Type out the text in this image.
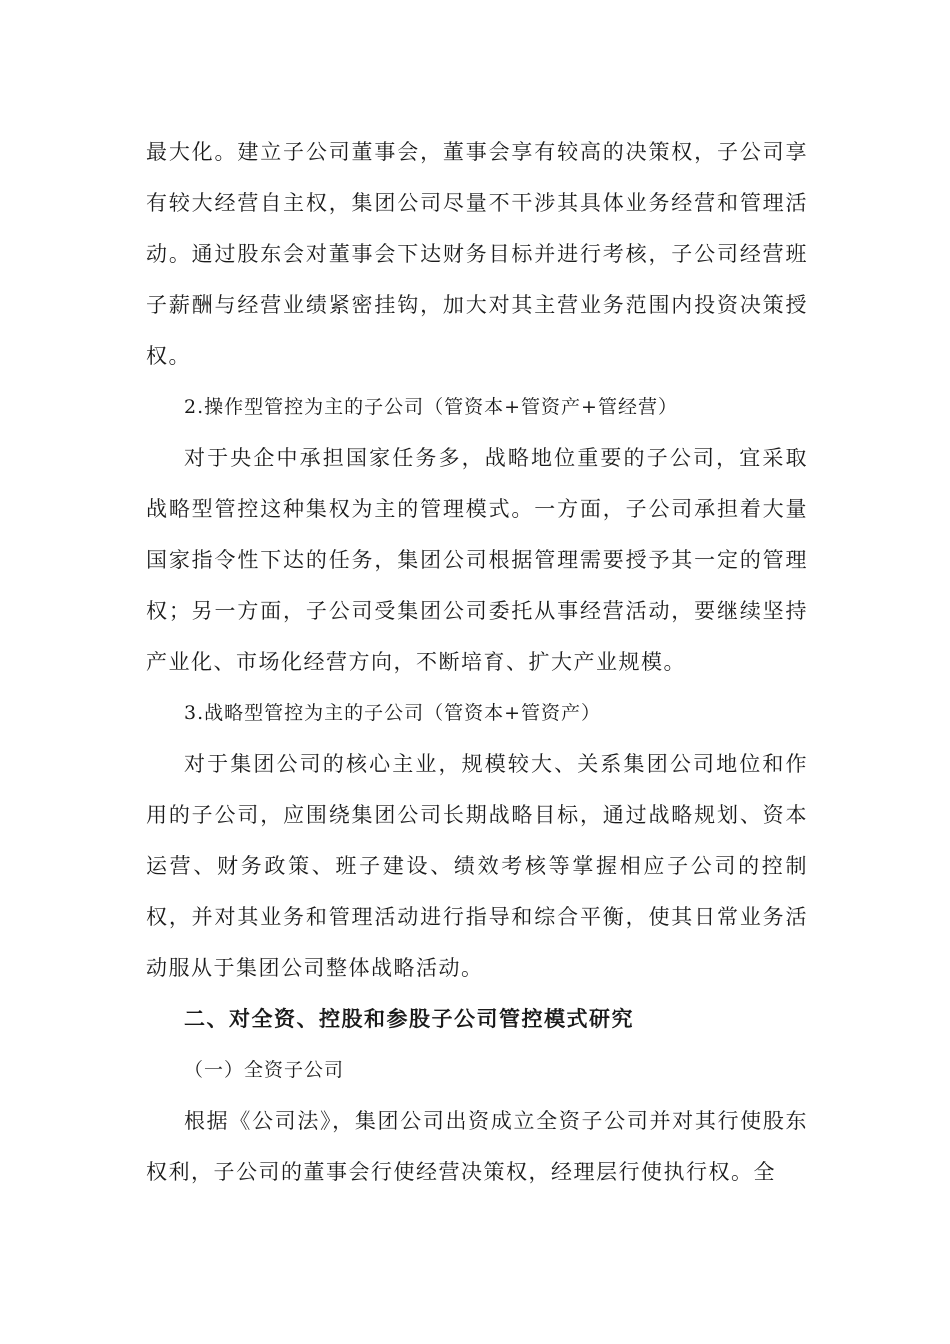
最大化。建立子公司董事会，董事会享有较高的决策权，子公司享有较大经营自主权，集团公司尽量不干涉其具体业务经营和管理活动。通过股东会对董事会下达财务目标并进行考核，子公司经营班子薪酬与经营业绩紧密挂钩，加大对其主营业务范围内投资决策授权。

2.操作型管控为主的子公司（管资本+管资产+管经营）

对于央企中承担国家任务多，战略地位重要的子公司，宜采取战略型管控这种集权为主的管理模式。一方面，子公司承担着大量国家指令性下达的任务，集团公司根据管理需要授予其一定的管理权；另一方面，子公司受集团公司委托从事经营活动，要继续坚持产业化、市场化经营方向，不断培育、扩大产业规模。

3.战略型管控为主的子公司（管资本+管资产）

对于集团公司的核心主业，规模较大、关系集团公司地位和作用的子公司，应围绕集团公司长期战略目标，通过战略规划、资本运营、财务政策、班子建设、绩效考核等掌握相应子公司的控制权，并对其业务和管理活动进行指导和综合平衡，使其日常业务活动服从于集团公司整体战略活动。

二、对全资、控股和参股子公司管控模式研究

（一）全资子公司

根据《公司法》，集团公司出资成立全资子公司并对其行使股东权利，子公司的董事会行使经营决策权，经理层行使执行权。全
